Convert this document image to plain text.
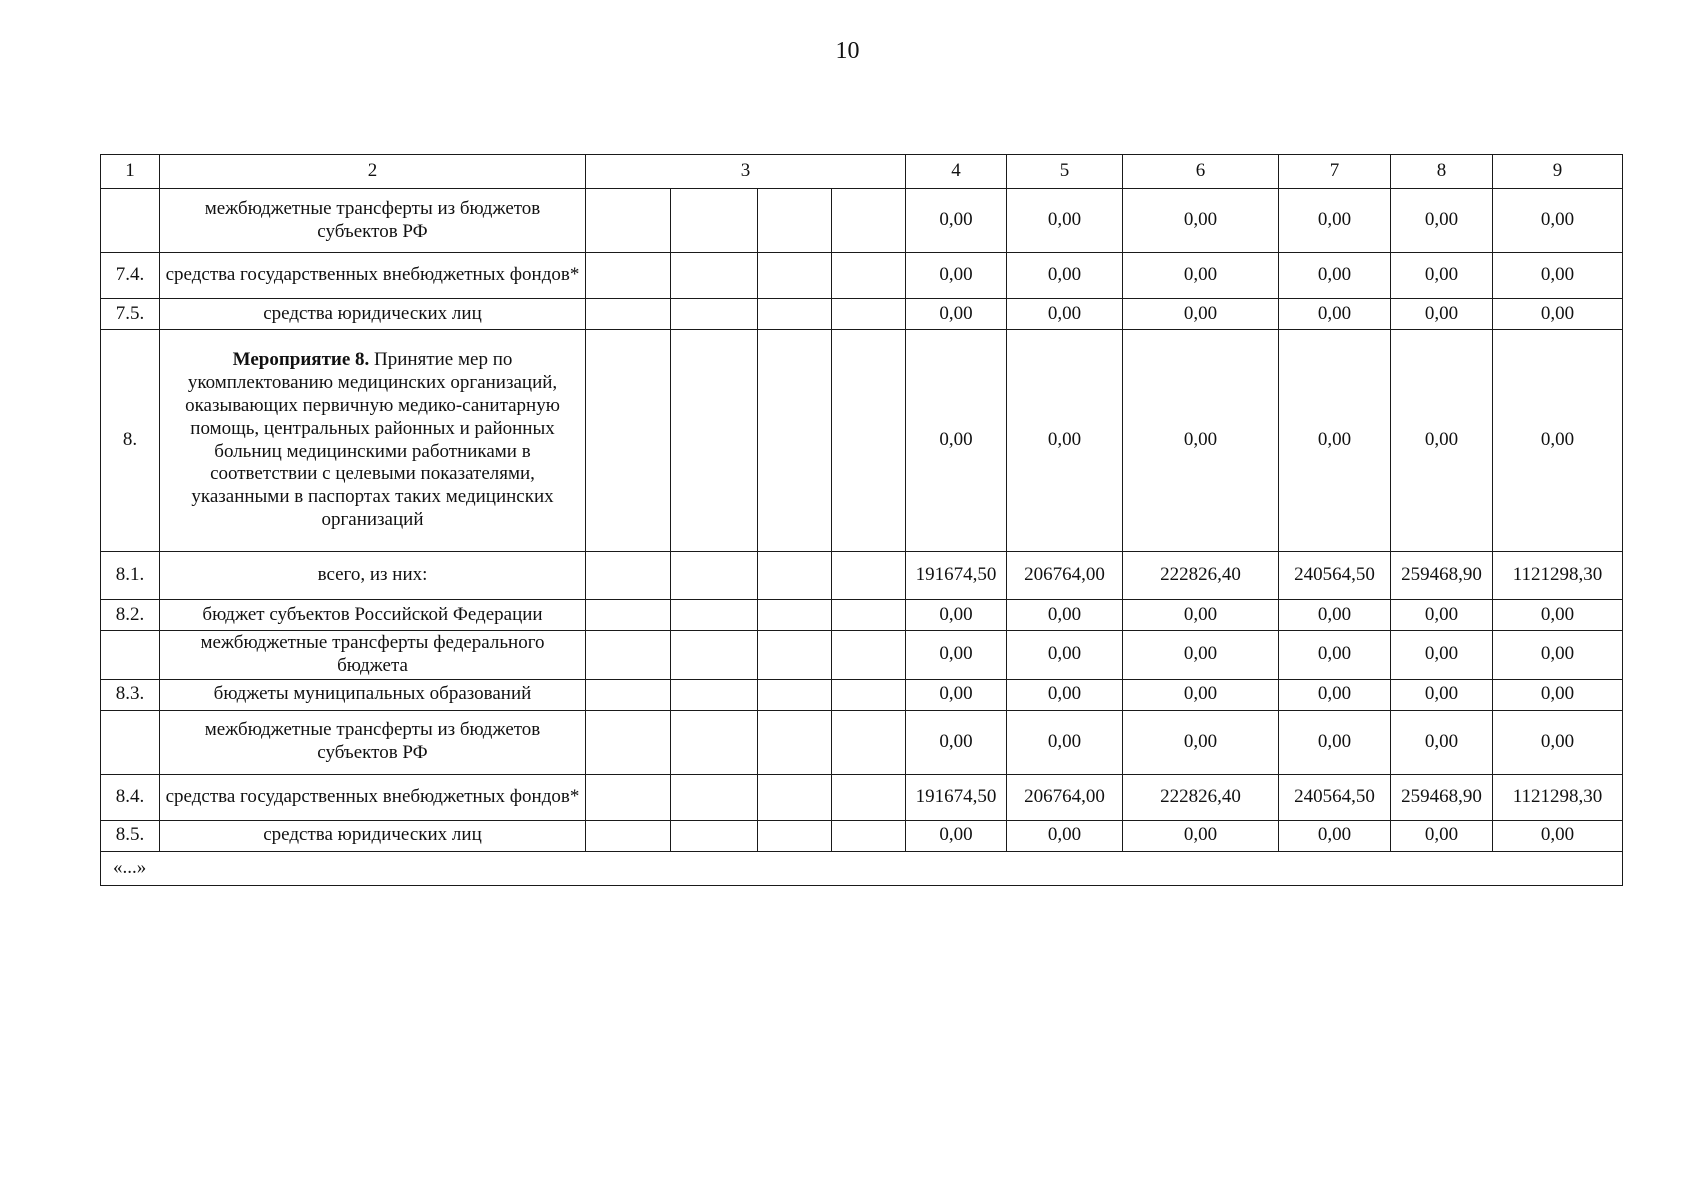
10
1	2	3				4	5	6	7	8	9
	межбюджетные трансферты из бюджетов субъектов РФ					0,00	0,00	0,00	0,00	0,00	0,00
7.4.	средства государственных внебюджетных фондов*					0,00	0,00	0,00	0,00	0,00	0,00
7.5.	средства юридических лиц					0,00	0,00	0,00	0,00	0,00	0,00
8.	Мероприятие 8. Принятие мер по укомплектованию медицинских организаций, оказывающих первичную медико-санитарную помощь, центральных районных и районных больниц медицинскими работниками в соответствии с целевыми показателями, указанными в паспортах таких медицинских организаций					0,00	0,00	0,00	0,00	0,00	0,00
8.1.	всего, из них:					191674,50	206764,00	222826,40	240564,50	259468,90	1121298,30
8.2.	бюджет субъектов Российской Федерации					0,00	0,00	0,00	0,00	0,00	0,00
	межбюджетные трансферты федерального бюджета					0,00	0,00	0,00	0,00	0,00	0,00
8.3.	бюджеты муниципальных образований					0,00	0,00	0,00	0,00	0,00	0,00
	межбюджетные трансферты из бюджетов субъектов РФ					0,00	0,00	0,00	0,00	0,00	0,00
8.4.	средства государственных внебюджетных фондов*					191674,50	206764,00	222826,40	240564,50	259468,90	1121298,30
8.5.	средства юридических лиц					0,00	0,00	0,00	0,00	0,00	0,00
«...»											
